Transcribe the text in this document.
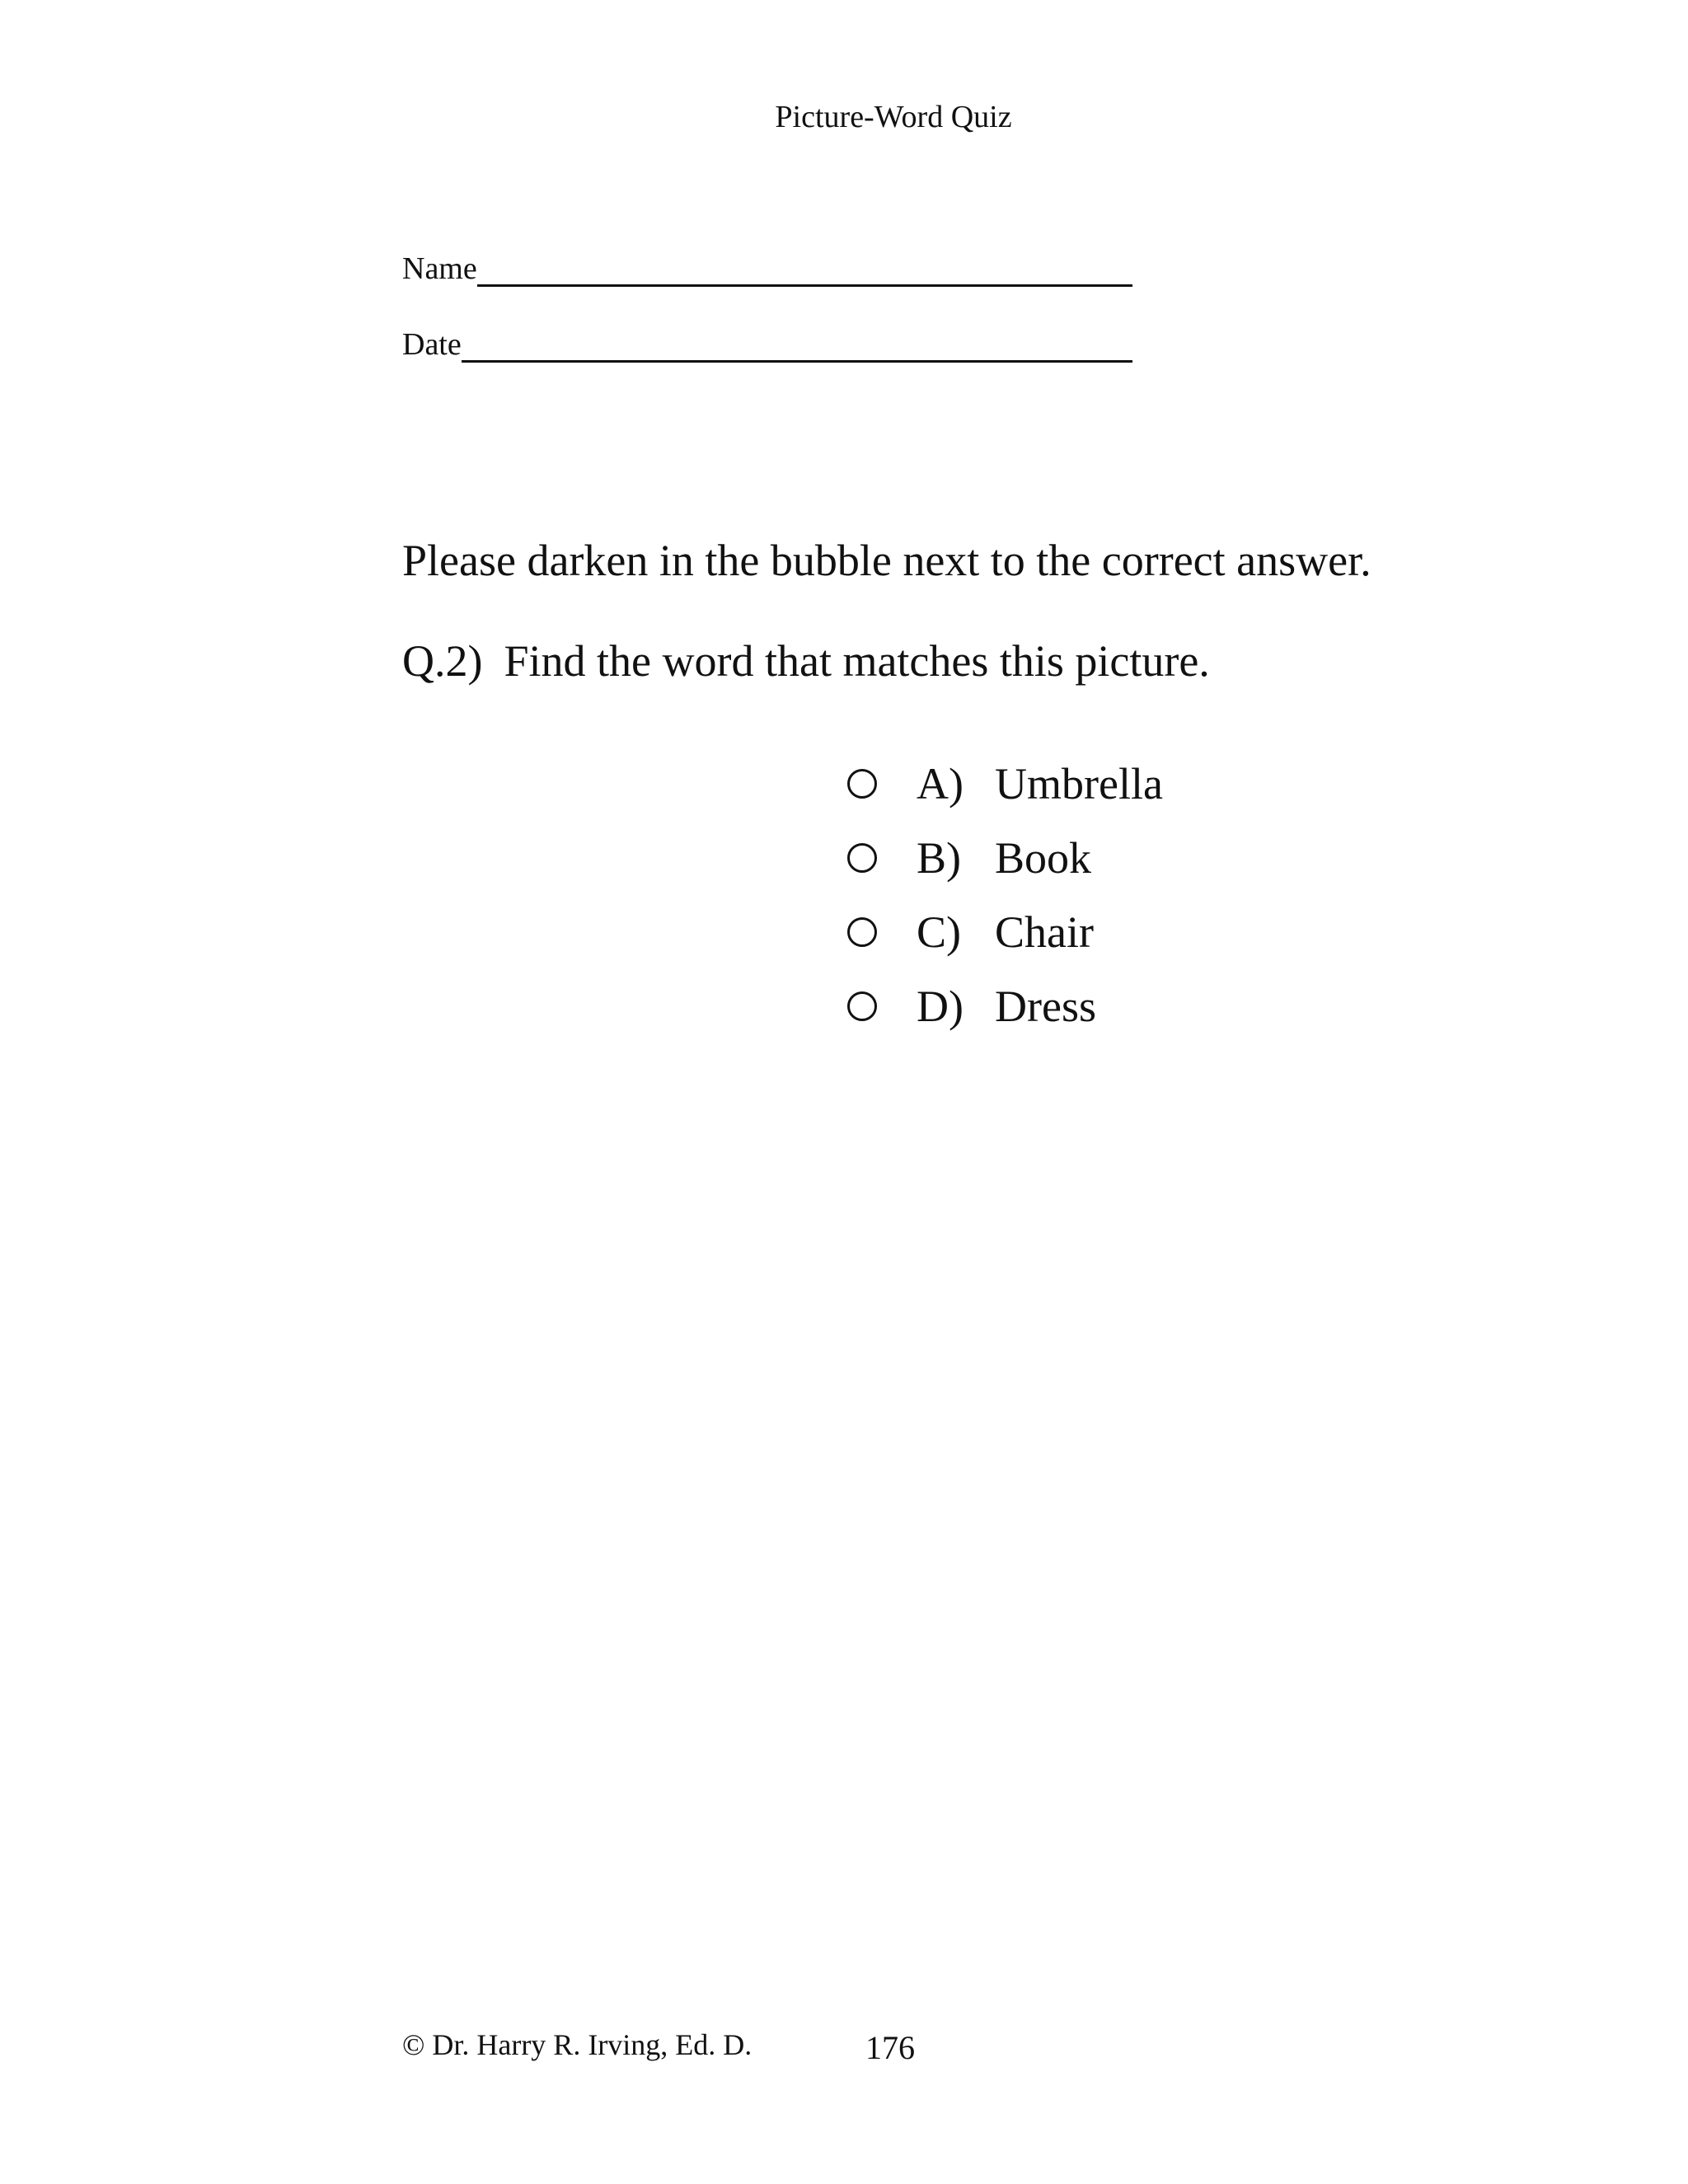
Picture-Word Quiz
Name
Date
Please darken in the bubble next to the correct answer.
Q.2) Find the word that matches this picture.
A) Umbrella
B) Book
C) Chair
D) Dress
© Dr. Harry R. Irving, Ed. D.	176
